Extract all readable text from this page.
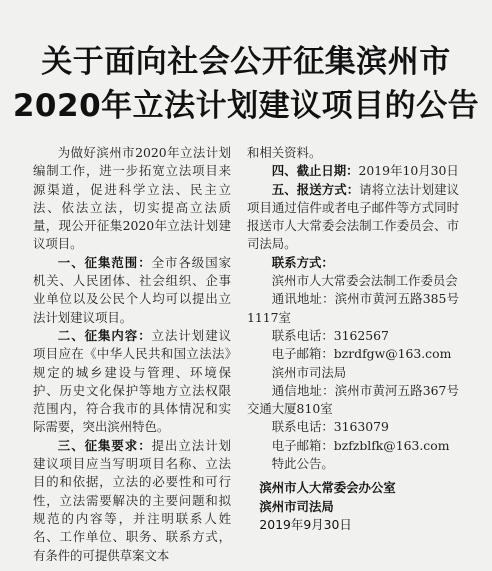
关于面向社会公开征集滨州市
2020年立法计划建议项目的公告

为做好滨州市2020年立法计划编制工作，进一步拓宽立法项目来源渠道，促进科学立法、民主立法、依法立法，切实提高立法质量，现公开征集2020年立法计划建议项目。

一、征集范围：全市各级国家机关、人民团体、社会组织、企事业单位以及公民个人均可以提出立法计划建议项目。

二、征集内容：立法计划建议项目应在《中华人民共和国立法法》规定的城乡建设与管理、环境保护、历史文化保护等地方立法权限范围内，符合我市的具体情况和实际需要，突出滨州特色。

三、征集要求：提出立法计划建议项目应当写明项目名称、立法目的和依据，立法的必要性和可行性，立法需要解决的主要问题和拟规范的内容等，并注明联系人姓名、工作单位、职务、联系方式，有条件的可提供草案文本

和相关资料。

四、截止日期：2019年10月30日

五、报送方式：请将立法计划建议项目通过信件或者电子邮件等方式同时报送市人大常委会法制工作委员会、市司法局。

联系方式：

滨州市人大常委会法制工作委员会

通讯地址：滨州市黄河五路385号1117室

联系电话：3162567

电子邮箱：bzrdfgw@163.com

滨州市司法局

通信地址：滨州市黄河五路367号交通大厦810室

联系电话：3163079

电子邮箱：bzfzblfk@163.com

特此公告。

滨州市人大常委会办公室

滨州市司法局

2019年9月30日
